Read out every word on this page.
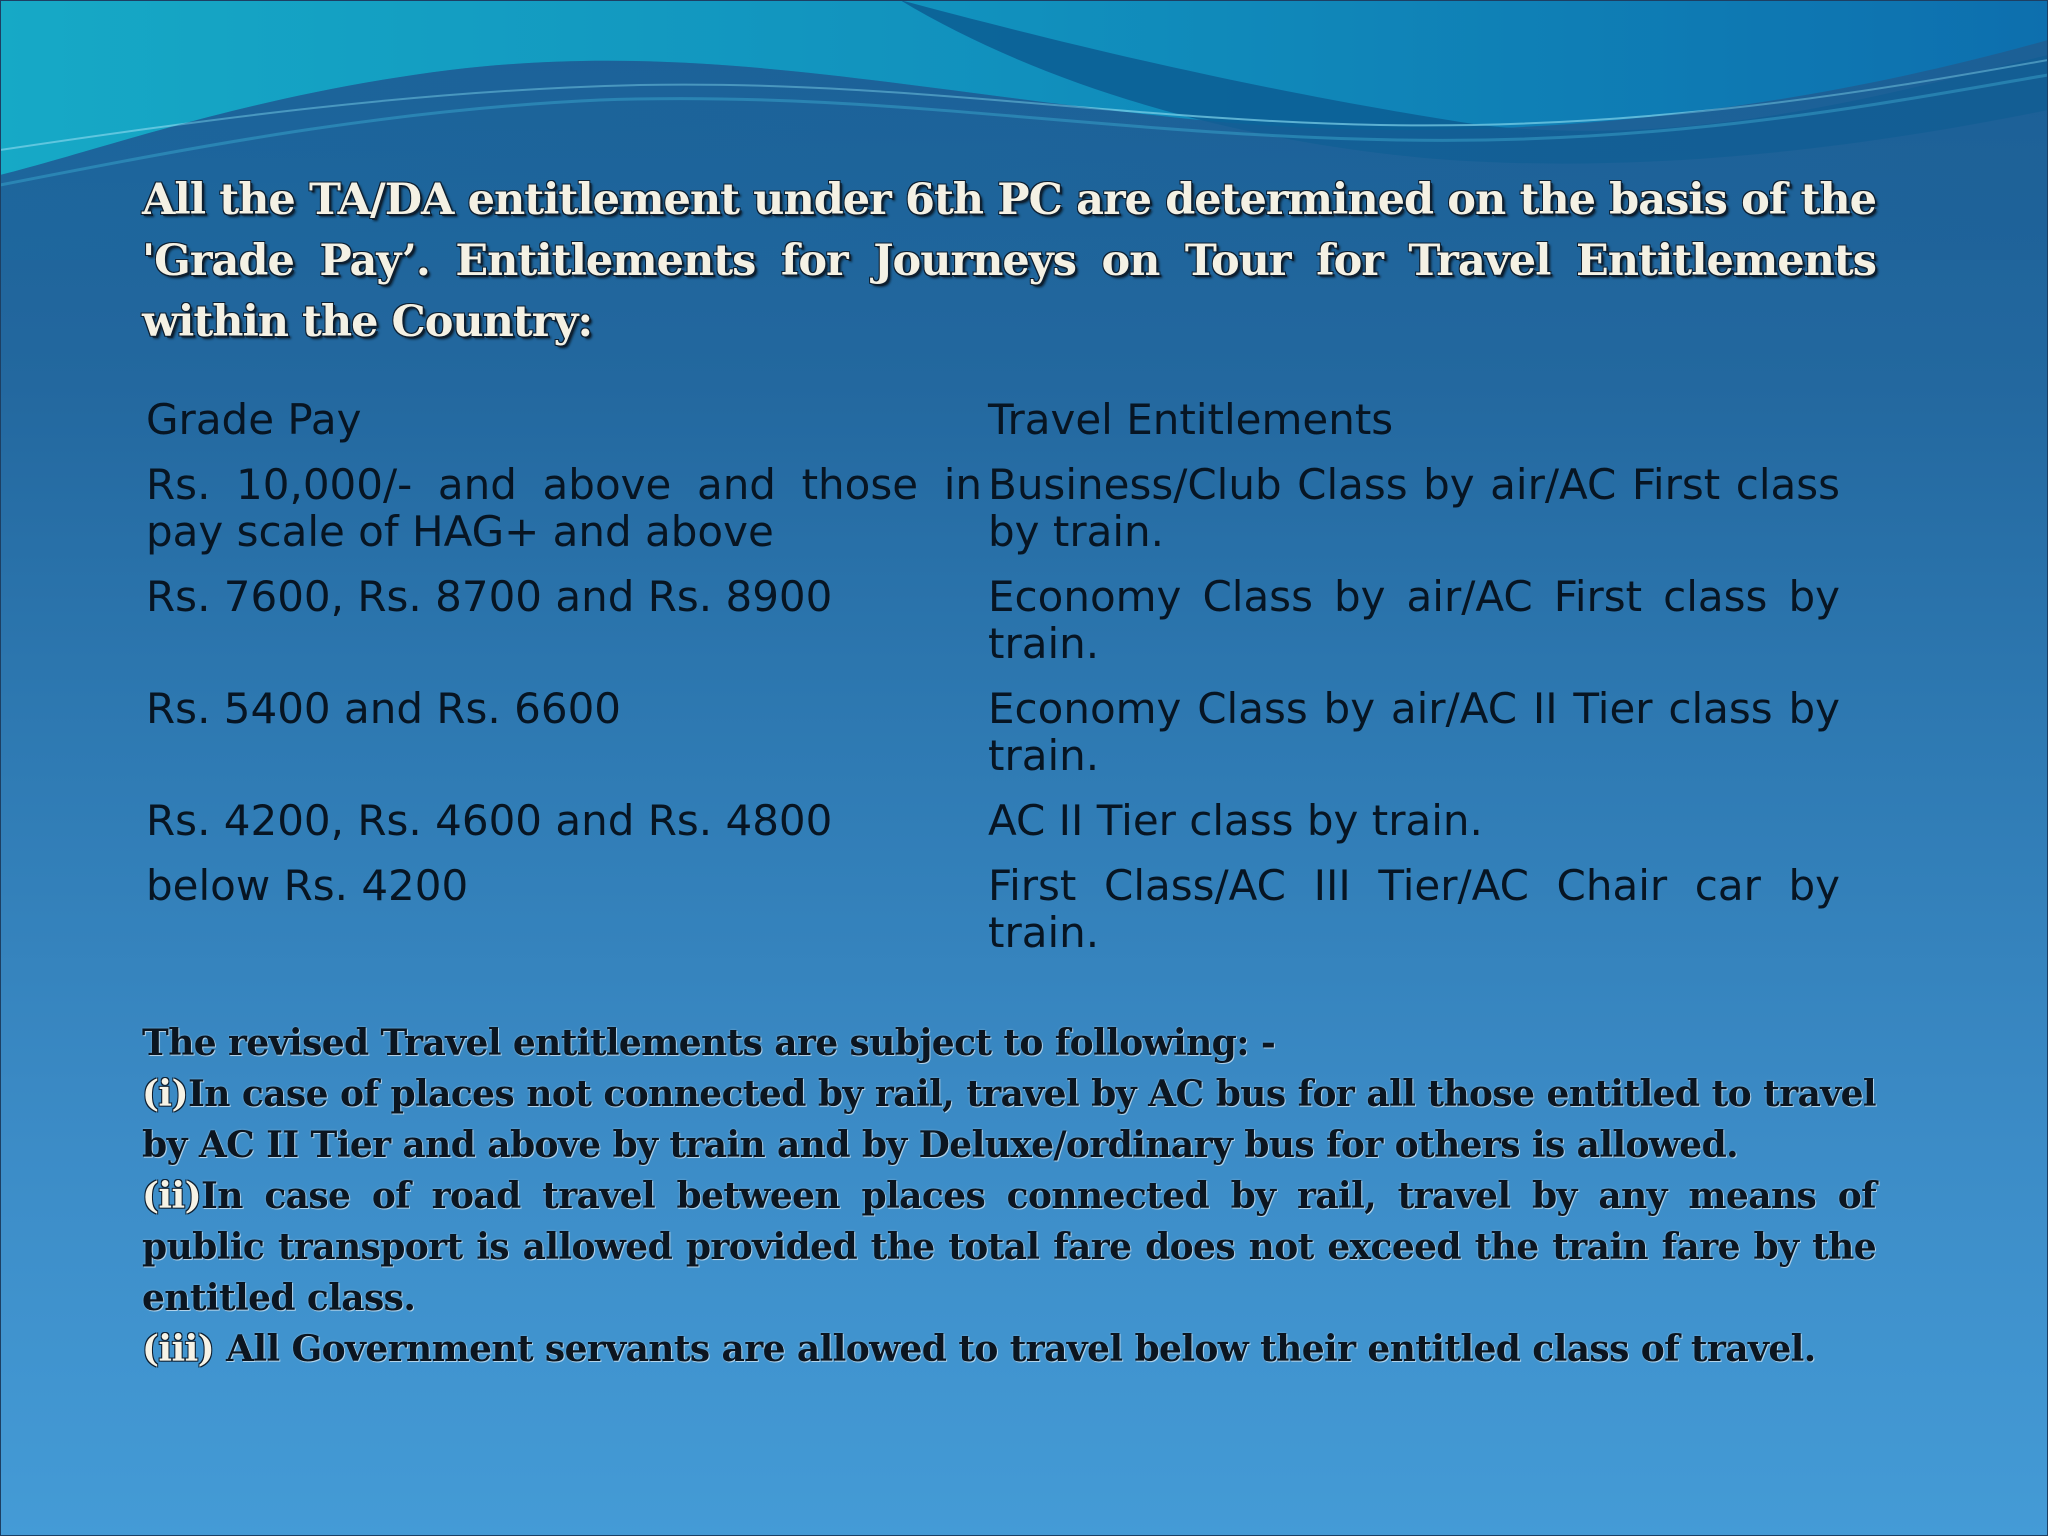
All the TA/DA entitlement under 6th PC are determined on the basis of the 'Grade Pay’. Entitlements for Journeys on Tour for Travel Entitlements within the Country:

Grade Pay	Travel Entitlements
Rs. 10,000/- and above and those in pay scale of HAG+ and above	Business/Club Class by air/AC First class by train.
Rs. 7600, Rs. 8700 and Rs. 8900	Economy Class by air/AC First class by train.
Rs. 5400 and Rs. 6600	Economy Class by air/AC II Tier class by train.
Rs. 4200, Rs. 4600 and Rs. 4800	AC II Tier class by train.
below Rs. 4200	First Class/AC III Tier/AC Chair car by train.

The revised Travel entitlements are subject to following: -

(i)In case of places not connected by rail, travel by AC bus for all those entitled to travel by AC II Tier and above by train and by Deluxe/ordinary bus for others is allowed.

(ii)In case of road travel between places connected by rail, travel by any means of public transport is allowed provided the total fare does not exceed the train fare by the entitled class.

(iii) All Government servants are allowed to travel below their entitled class of travel.
